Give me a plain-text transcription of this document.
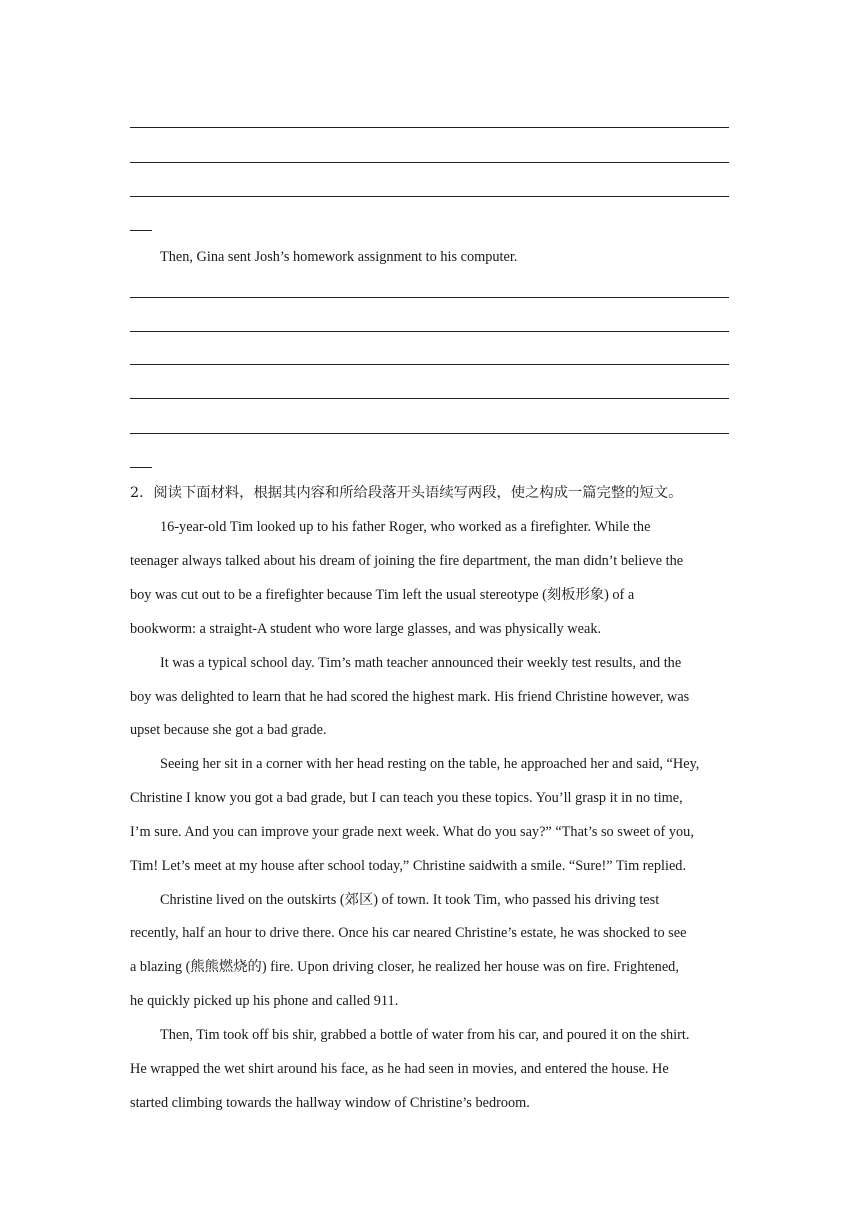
Then, Gina sent Josh’s homework assignment to his computer.
2．阅读下面材料，根据其内容和所给段落开头语续写两段，使之构成一篇完整的短文。
16-year-old Tim looked up to his father Roger, who worked as a firefighter. While the
teenager always talked about his dream of joining the fire department, the man didn’t believe the
boy was cut out to be a firefighter because Tim left the usual stereotype (刻板形象) of a
bookworm: a straight-A student who wore large glasses, and was physically weak.
It was a typical school day. Tim’s math teacher announced their weekly test results, and the
boy was delighted to learn that he had scored the highest mark. His friend Christine however, was
upset because she got a bad grade.
Seeing her sit in a corner with her head resting on the table, he approached her and said, “Hey,
Christine I know you got a bad grade, but I can teach you these topics. You’ll grasp it in no time,
I’m sure. And you can improve your grade next week. What do you say?” “That’s so sweet of you,
Tim! Let’s meet at my house after school today,” Christine saidwith a smile. “Sure!” Tim replied.
Christine lived on the outskirts (郊区) of town. It took Tim, who passed his driving test
recently, half an hour to drive there. Once his car neared Christine’s estate, he was shocked to see
a blazing (熊熊燃烧的) fire. Upon driving closer, he realized her house was on fire. Frightened,
he quickly picked up his phone and called 911.
Then, Tim took off bis shir, grabbed a bottle of water from his car, and poured it on the shirt.
He wrapped the wet shirt around his face, as he had seen in movies, and entered the house. He
started climbing towards the hallway window of Christine’s bedroom.
